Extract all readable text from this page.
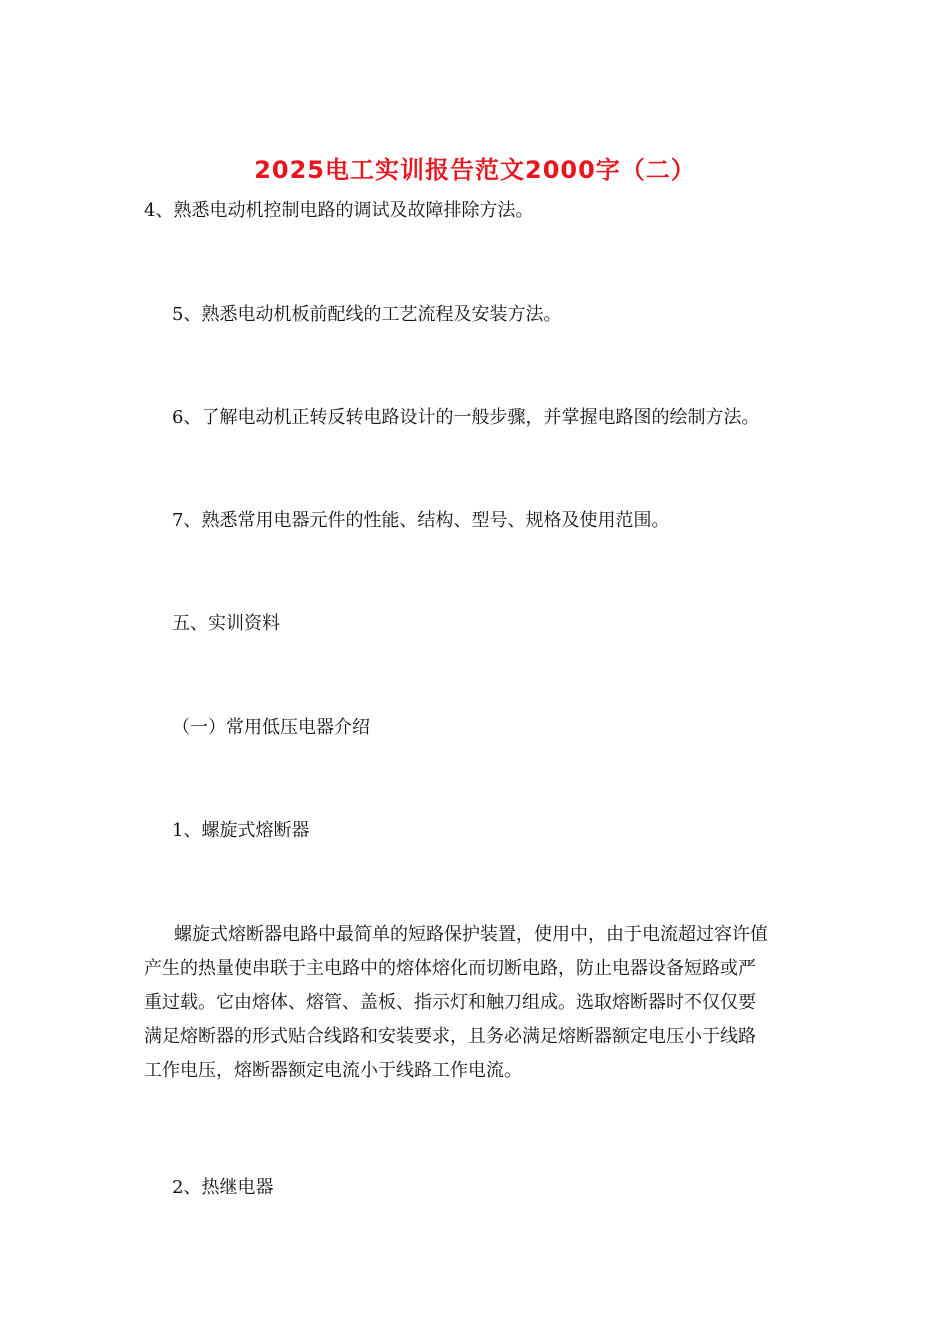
2025电工实训报告范文2000字（二）
4、熟悉电动机控制电路的调试及故障排除方法。
5、熟悉电动机板前配线的工艺流程及安装方法。
6、了解电动机正转反转电路设计的一般步骤，并掌握电路图的绘制方法。
7、熟悉常用电器元件的性能、结构、型号、规格及使用范围。
五、实训资料
（一）常用低压电器介绍
1、螺旋式熔断器
螺旋式熔断器电路中最简单的短路保护装置，使用中，由于电流超过容许值
产生的热量使串联于主电路中的熔体熔化而切断电路，防止电器设备短路或严
重过载。它由熔体、熔管、盖板、指示灯和触刀组成。选取熔断器时不仅仅要
满足熔断器的形式贴合线路和安装要求，且务必满足熔断器额定电压小于线路
工作电压，熔断器额定电流小于线路工作电流。
2、热继电器
